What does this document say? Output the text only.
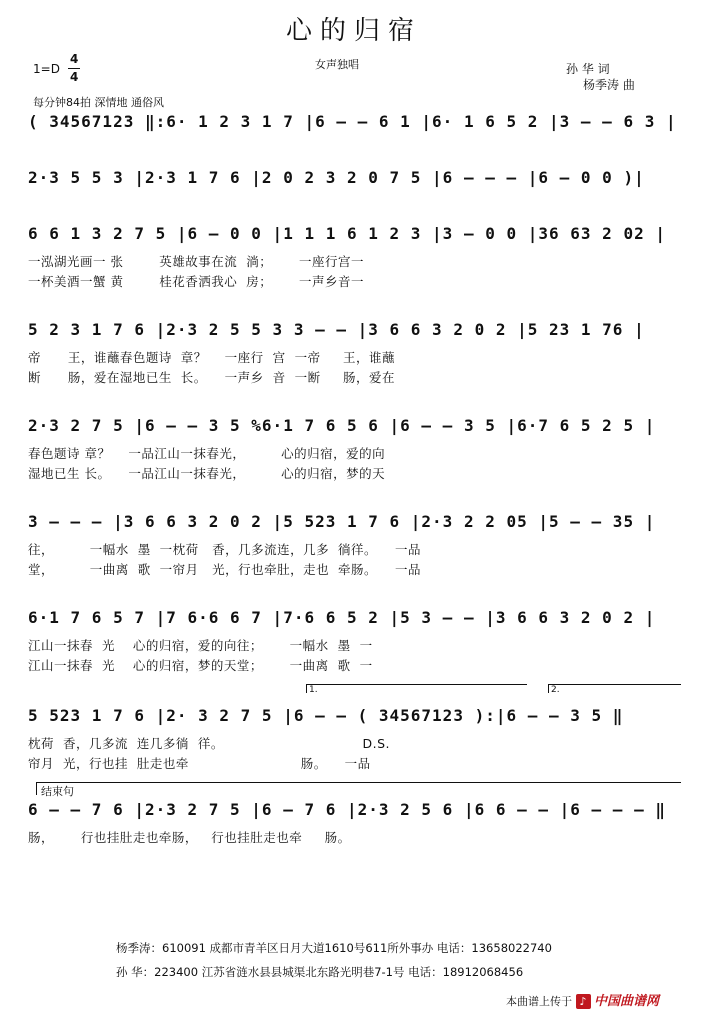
心的归宿
1=D
4
4
女声独唱	孙 华 词
杨季涛 曲
每分钟84拍 深情地 通俗风
( 34567123 ‖:6· 1 2 3 1 7 |6 — — 6 1 |6· 1 6 5 2 |3 — — 6 3 |
2·3 5 5 3 |2·3 1 7 6 |2 0 2 3 2 0 7 5 |6 — — — |6 — 0 0 )|
6 6 1 3 2 7 5 |6 — 0 0 |1 1 1 6 1 2 3 |3 — 0 0 |36 63 2 02 |
一泓湖光画一 张        英雄故事在流  淌；      一座行宫一
一杯美酒一蟹 黄        桂花香洒我心  房；      一声乡音一
5 2 3 1 7 6 |2·3 2 5 5 3 3 — — |3 6 6 3 2 0 2 |5 23 1 76 |
帝      王，谁蘸春色题诗  章？    一座行  宫  一帝     王，谁蘸
断      肠，爱在湿地已生  长。    一声乡  音  一断     肠，爱在
2·3 2 7 5 |6 — — 3 5 %6·1 7 6 5 6 |6 — — 3 5 |6·7 6 5 2 5 |
春色题诗 章？    一品江山一抹春光，        心的归宿，爱的向
湿地已生 长。    一品江山一抹春光，        心的归宿，梦的天
3 — — — |3 6 6 3 2 0 2 |5 523 1 7 6 |2·3 2 2 05 |5 — — 35 |
往，        一幅水  墨  一枕荷   香，几多流连，几多  徜徉。    一品
堂，        一曲离  歌  一帘月   光，行也牵肚，走也  牵肠。    一品
6·1 7 6 5 7 |7 6·6 6 7 |7·6 6 5 2 |5 3 — — |3 6 6 3 2 0 2 |
江山一抹春  光    心的归宿，爱的向往；      一幅水  墨  一
江山一抹春  光    心的归宿，梦的天堂；      一曲离  歌  一
1.	2.
5 523 1 7 6 |2· 3 2 7 5 |6 — — ( 34567123 ):|6 — — 3 5 ‖
枕荷  香，几多流  连几多徜  徉。                               D.S.
帘月  光，行也挂  肚走也牵                         肠。    一品
结束句
6 — — 7 6 |2·3 2 7 5 |6 — 7 6 |2·3 2 5 6 |6 6 — — |6 — — — ‖
肠，      行也挂肚走也牵肠，   行也挂肚走也牵     肠。
杨季涛：610091 成都市青羊区日月大道1610号611所外事办 电话：13658022740
孙 华：223400 江苏省涟水县县城渠北东路光明巷7-1号 电话：18912068456
本曲谱上传于 ♪ 中国曲谱网
